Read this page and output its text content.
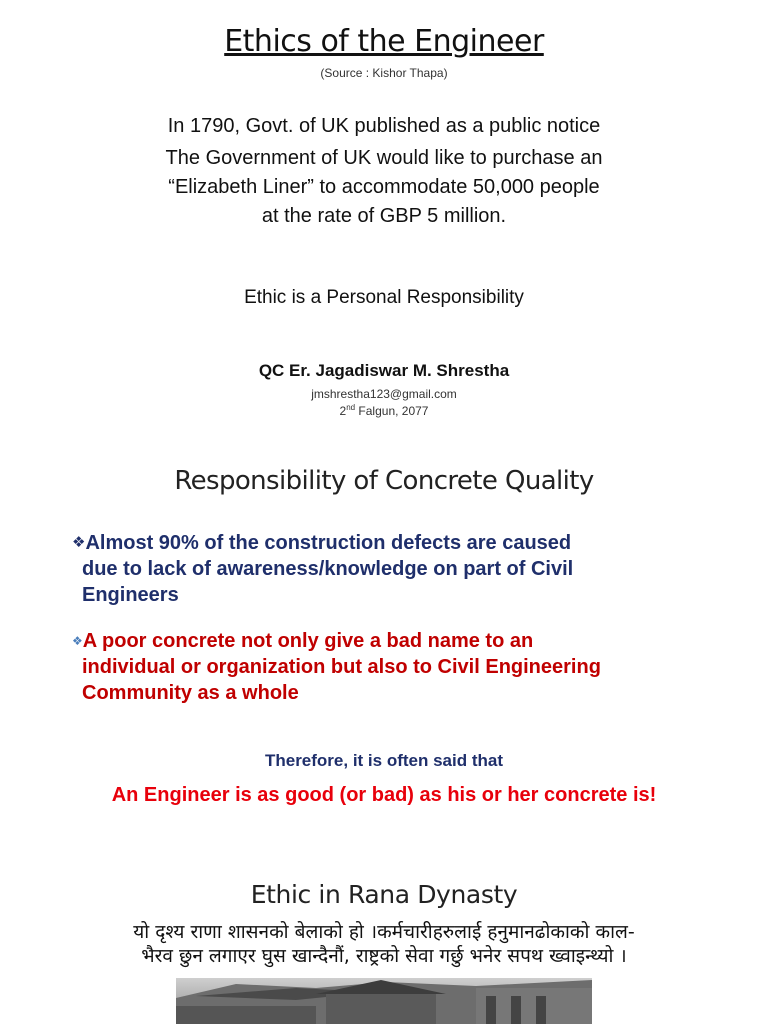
Ethics of the Engineer
(Source : Kishor Thapa)
In 1790, Govt. of UK published as a public notice
The Government of UK would like to purchase an
“Elizabeth Liner” to accommodate 50,000 people
at the rate of GBP 5 million.
Ethic is a Personal Responsibility
QC Er. Jagadiswar M. Shrestha
jmshrestha123@gmail.com
2nd Falgun, 2077
Responsibility of Concrete Quality
❖Almost 90% of the construction defects are caused
due to lack of awareness/knowledge on part of Civil
Engineers
❖A poor concrete not only give a bad name to an
individual or organization but also to Civil Engineering
Community as a whole
Therefore, it is often said that
An Engineer is as good (or bad) as his or her concrete is!
Ethic in Rana Dynasty
यो दृश्य राणा शासनको बेलाको हो ।कर्मचारीहरुलाई हनुमानढोकाको काल-
भैरव छुन लगाएर घुस खान्दैनौं, राष्ट्रको सेवा गर्छु भनेर सपथ ख्वाइन्थ्यो ।
